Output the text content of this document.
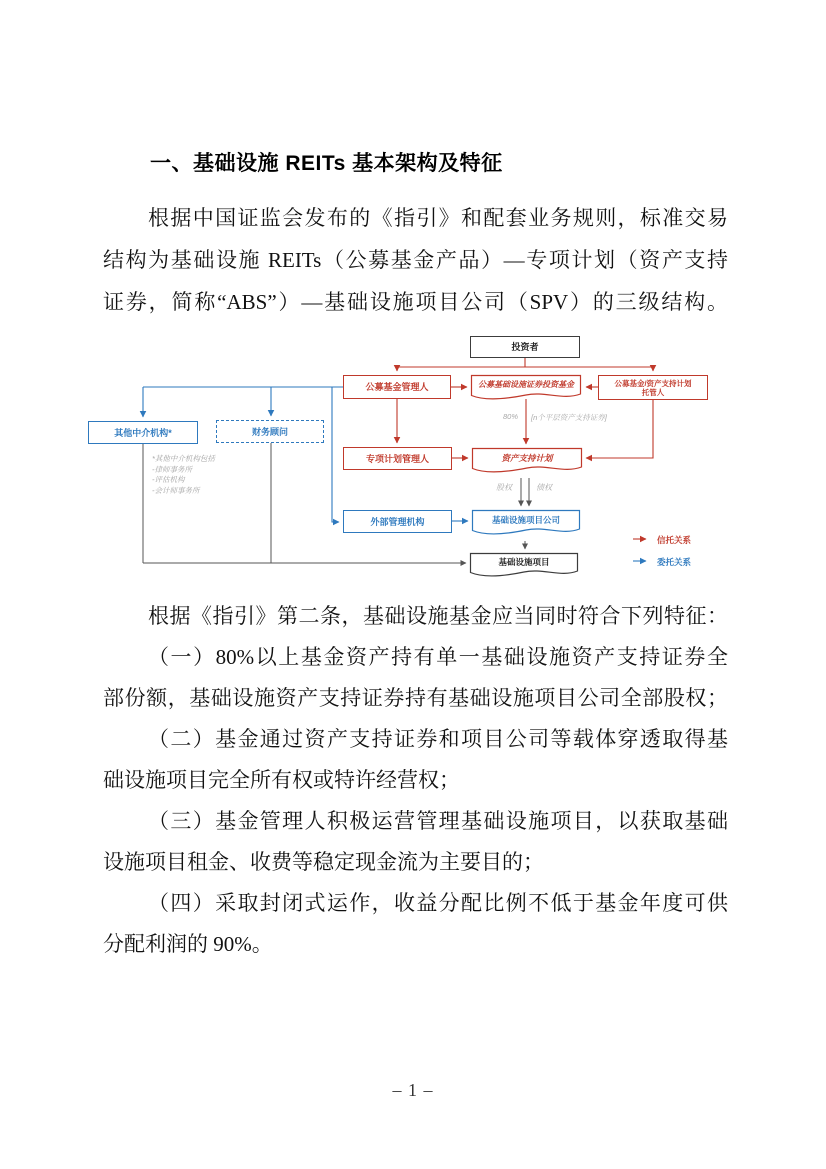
一、基础设施 REITs 基本架构及特征
根据中国证监会发布的《指引》和配套业务规则，标准交易
结构为基础设施 REITs（公募基金产品）—专项计划（资产支持
证券，简称“ABS”）—基础设施项目公司（SPV）的三级结构。
投资者
公募基金管理人	公募基金/资产支持计划
托管人
其他中介机构*	财务顾问
专项计划管理人
外部管理机构
公募基础设施证券投资基金
资产支持计划
基础设施项目公司
基础设施项目
80% [n个平层资产支持证券]
股权	债权
*其他中介机构包括
-律师事务所
-评估机构
-会计师事务所
信托关系
委托关系
根据《指引》第二条，基础设施基金应当同时符合下列特征：
（一）80%以上基金资产持有单一基础设施资产支持证券全
部份额，基础设施资产支持证券持有基础设施项目公司全部股权；
（二）基金通过资产支持证券和项目公司等载体穿透取得基
础设施项目完全所有权或特许经营权；
（三）基金管理人积极运营管理基础设施项目，以获取基础
设施项目租金、收费等稳定现金流为主要目的；
（四）采取封闭式运作，收益分配比例不低于基金年度可供
分配利润的 90%。
– 1 –
